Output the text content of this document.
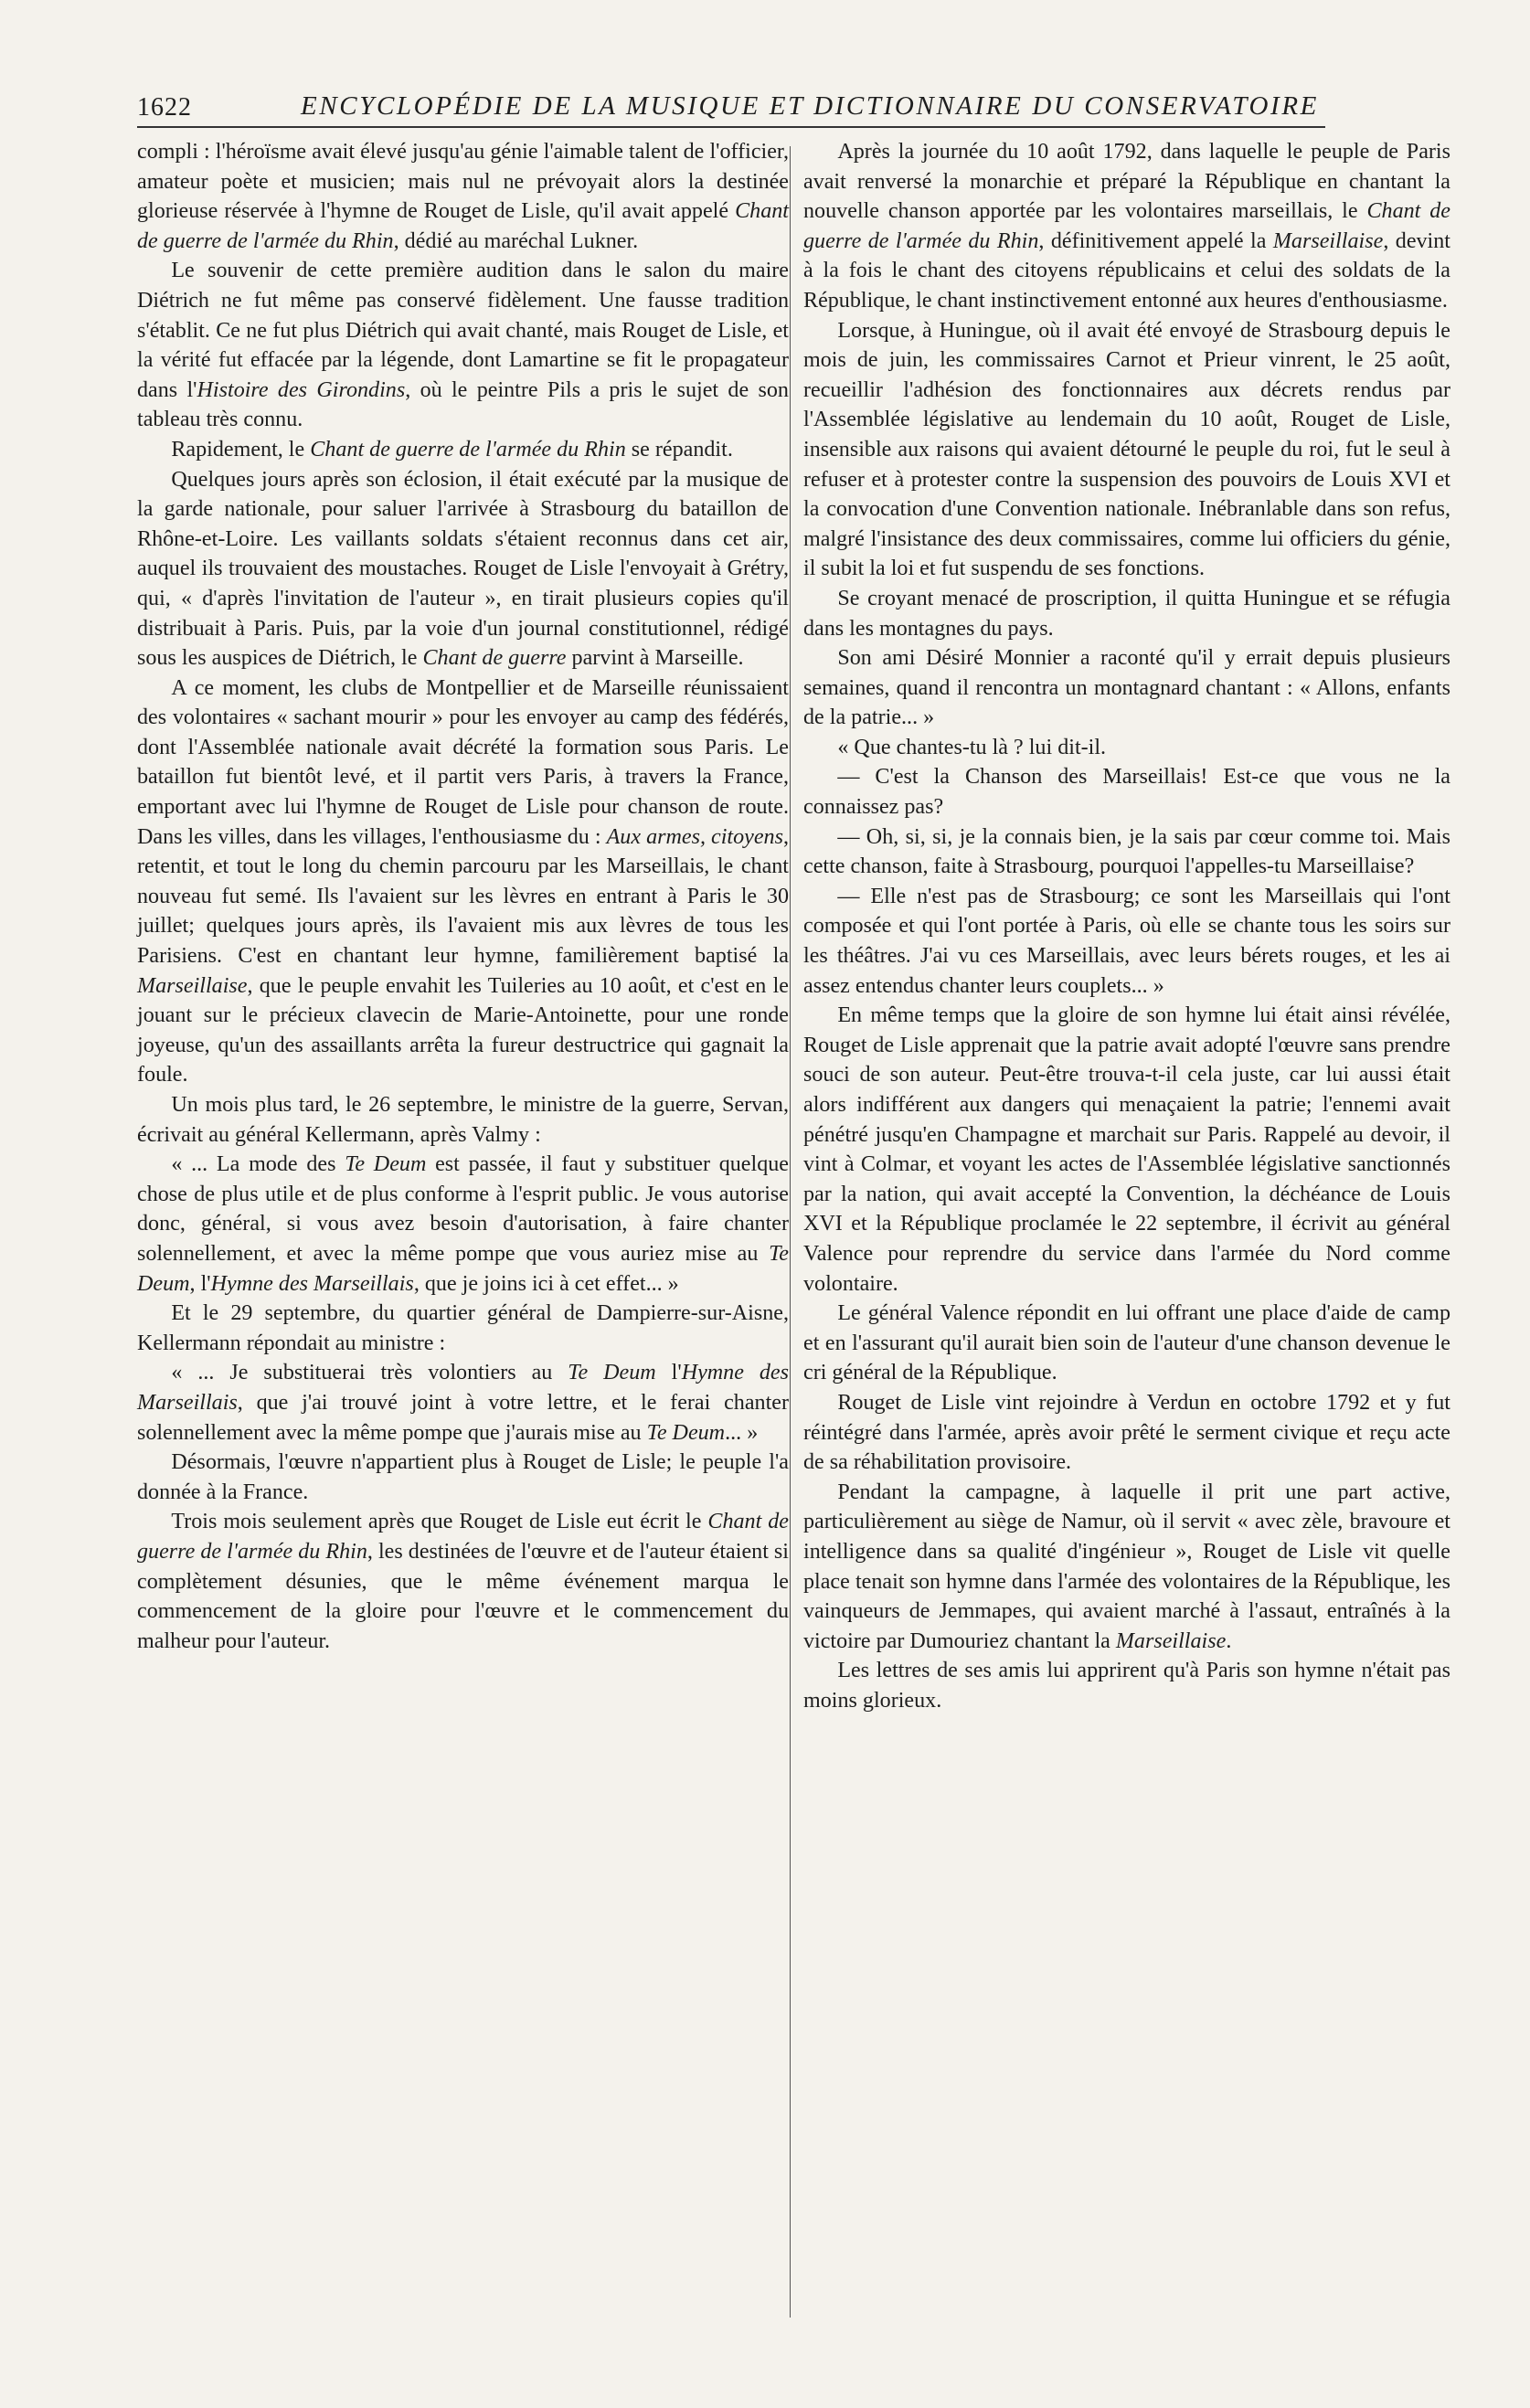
1622	ENCYCLOPÉDIE DE LA MUSIQUE ET DICTIONNAIRE DU CONSERVATOIRE

compli : l'héroïsme avait élevé jusqu'au génie l'aimable talent de l'officier, amateur poète et musicien; mais nul ne prévoyait alors la destinée glorieuse réservée à l'hymne de Rouget de Lisle, qu'il avait appelé Chant de guerre de l'armée du Rhin, dédié au maréchal Lukner.

Le souvenir de cette première audition dans le salon du maire Diétrich ne fut même pas conservé fidèlement. Une fausse tradition s'établit. Ce ne fut plus Diétrich qui avait chanté, mais Rouget de Lisle, et la vérité fut effacée par la légende, dont Lamartine se fit le propagateur dans l'Histoire des Girondins, où le peintre Pils a pris le sujet de son tableau très connu.

Rapidement, le Chant de guerre de l'armée du Rhin se répandit.

Quelques jours après son éclosion, il était exécuté par la musique de la garde nationale, pour saluer l'arrivée à Strasbourg du bataillon de Rhône-et-Loire. Les vaillants soldats s'étaient reconnus dans cet air, auquel ils trouvaient des moustaches. Rouget de Lisle l'envoyait à Grétry, qui, « d'après l'invitation de l'auteur », en tirait plusieurs copies qu'il distribuait à Paris. Puis, par la voie d'un journal constitutionnel, rédigé sous les auspices de Diétrich, le Chant de guerre parvint à Marseille.

A ce moment, les clubs de Montpellier et de Marseille réunissaient des volontaires « sachant mourir » pour les envoyer au camp des fédérés, dont l'Assemblée nationale avait décrété la formation sous Paris. Le bataillon fut bientôt levé, et il partit vers Paris, à travers la France, emportant avec lui l'hymne de Rouget de Lisle pour chanson de route. Dans les villes, dans les villages, l'enthousiasme du : Aux armes, citoyens, retentit, et tout le long du chemin parcouru par les Marseillais, le chant nouveau fut semé. Ils l'avaient sur les lèvres en entrant à Paris le 30 juillet; quelques jours après, ils l'avaient mis aux lèvres de tous les Parisiens. C'est en chantant leur hymne, familièrement baptisé la Marseillaise, que le peuple envahit les Tuileries au 10 août, et c'est en le jouant sur le précieux clavecin de Marie-Antoinette, pour une ronde joyeuse, qu'un des assaillants arrêta la fureur destructrice qui gagnait la foule.

Un mois plus tard, le 26 septembre, le ministre de la guerre, Servan, écrivait au général Kellermann, après Valmy :

« ... La mode des Te Deum est passée, il faut y substituer quelque chose de plus utile et de plus conforme à l'esprit public. Je vous autorise donc, général, si vous avez besoin d'autorisation, à faire chanter solennellement, et avec la même pompe que vous auriez mise au Te Deum, l'Hymne des Marseillais, que je joins ici à cet effet... »

Et le 29 septembre, du quartier général de Dampierre-sur-Aisne, Kellermann répondait au ministre :

« ... Je substituerai très volontiers au Te Deum l'Hymne des Marseillais, que j'ai trouvé joint à votre lettre, et le ferai chanter solennellement avec la même pompe que j'aurais mise au Te Deum... »

Désormais, l'œuvre n'appartient plus à Rouget de Lisle; le peuple l'a donnée à la France.

Trois mois seulement après que Rouget de Lisle eut écrit le Chant de guerre de l'armée du Rhin, les destinées de l'œuvre et de l'auteur étaient si complètement désunies, que le même événement marqua le commencement de la gloire pour l'œuvre et le commencement du malheur pour l'auteur.

Après la journée du 10 août 1792, dans laquelle le peuple de Paris avait renversé la monarchie et préparé la République en chantant la nouvelle chanson apportée par les volontaires marseillais, le Chant de guerre de l'armée du Rhin, définitivement appelé la Marseillaise, devint à la fois le chant des citoyens républicains et celui des soldats de la République, le chant instinctivement entonné aux heures d'enthousiasme.

Lorsque, à Huningue, où il avait été envoyé de Strasbourg depuis le mois de juin, les commissaires Carnot et Prieur vinrent, le 25 août, recueillir l'adhésion des fonctionnaires aux décrets rendus par l'Assemblée législative au lendemain du 10 août, Rouget de Lisle, insensible aux raisons qui avaient détourné le peuple du roi, fut le seul à refuser et à protester contre la suspension des pouvoirs de Louis XVI et la convocation d'une Convention nationale. Inébranlable dans son refus, malgré l'insistance des deux commissaires, comme lui officiers du génie, il subit la loi et fut suspendu de ses fonctions.

Se croyant menacé de proscription, il quitta Huningue et se réfugia dans les montagnes du pays.

Son ami Désiré Monnier a raconté qu'il y errait depuis plusieurs semaines, quand il rencontra un montagnard chantant : « Allons, enfants de la patrie... »

« Que chantes-tu là ? lui dit-il.

— C'est la Chanson des Marseillais! Est-ce que vous ne la connaissez pas?

— Oh, si, si, je la connais bien, je la sais par cœur comme toi. Mais cette chanson, faite à Strasbourg, pourquoi l'appelles-tu Marseillaise?

— Elle n'est pas de Strasbourg; ce sont les Marseillais qui l'ont composée et qui l'ont portée à Paris, où elle se chante tous les soirs sur les théâtres. J'ai vu ces Marseillais, avec leurs bérets rouges, et les ai assez entendus chanter leurs couplets... »

En même temps que la gloire de son hymne lui était ainsi révélée, Rouget de Lisle apprenait que la patrie avait adopté l'œuvre sans prendre souci de son auteur. Peut-être trouva-t-il cela juste, car lui aussi était alors indifférent aux dangers qui menaçaient la patrie; l'ennemi avait pénétré jusqu'en Champagne et marchait sur Paris. Rappelé au devoir, il vint à Colmar, et voyant les actes de l'Assemblée législative sanctionnés par la nation, qui avait accepté la Convention, la déchéance de Louis XVI et la République proclamée le 22 septembre, il écrivit au général Valence pour reprendre du service dans l'armée du Nord comme volontaire.

Le général Valence répondit en lui offrant une place d'aide de camp et en l'assurant qu'il aurait bien soin de l'auteur d'une chanson devenue le cri général de la République.

Rouget de Lisle vint rejoindre à Verdun en octobre 1792 et y fut réintégré dans l'armée, après avoir prêté le serment civique et reçu acte de sa réhabilitation provisoire.

Pendant la campagne, à laquelle il prit une part active, particulièrement au siège de Namur, où il servit « avec zèle, bravoure et intelligence dans sa qualité d'ingénieur », Rouget de Lisle vit quelle place tenait son hymne dans l'armée des volontaires de la République, les vainqueurs de Jemmapes, qui avaient marché à l'assaut, entraînés à la victoire par Dumouriez chantant la Marseillaise.

Les lettres de ses amis lui apprirent qu'à Paris son hymne n'était pas moins glorieux.
